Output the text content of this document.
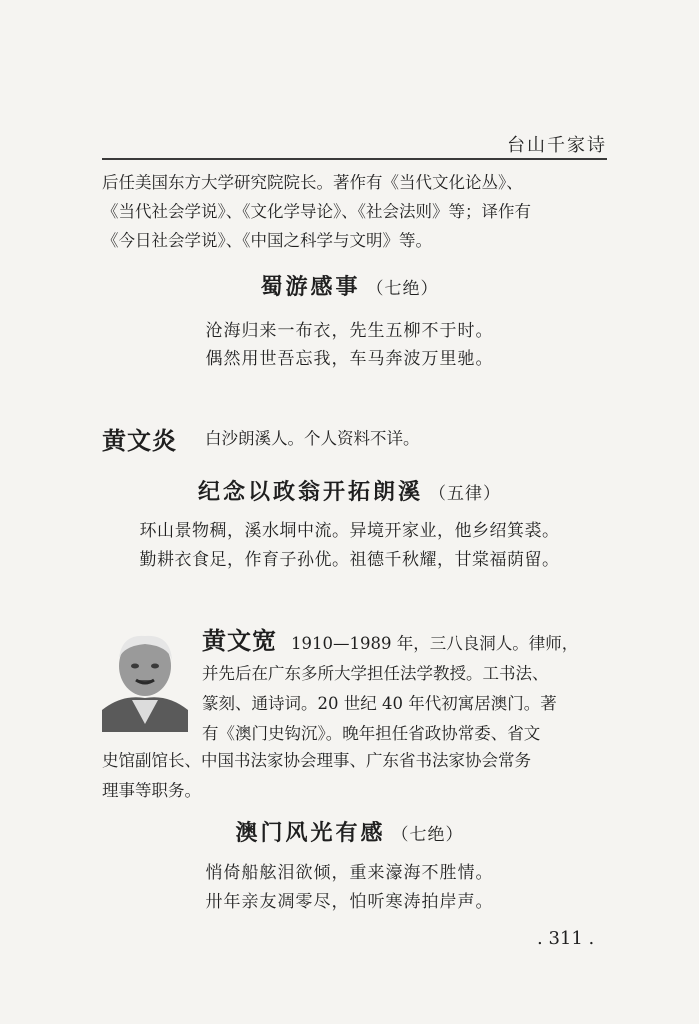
台山千家诗
后任美国东方大学研究院院长。著作有《当代文化论丛》、
《当代社会学说》、《文化学导论》、《社会法则》等；译作有
《今日社会学说》、《中国之科学与文明》等。
蜀游感事 （七绝）
沧海归来一布衣，先生五柳不于时。
偶然用世吾忘我，车马奔波万里驰。
黄文炎 白沙朗溪人。个人资料不详。
纪念以政翁开拓朗溪 （五律）
环山景物稠，溪水垌中流。异境开家业，他乡绍箕裘。
勤耕衣食足，作育子孙优。祖德千秋耀，甘棠福荫留。
黄文宽 1910—1989 年，三八良洞人。律师，
并先后在广东多所大学担任法学教授。工书法、
篆刻、通诗词。20 世纪 40 年代初寓居澳门。著
有《澳门史钩沉》。晚年担任省政协常委、省文
史馆副馆长、中国书法家协会理事、广东省书法家协会常务
理事等职务。
澳门风光有感 （七绝）
悄倚船舷泪欲倾，重来濠海不胜情。
卅年亲友凋零尽，怕听寒涛拍岸声。
. 311 .
